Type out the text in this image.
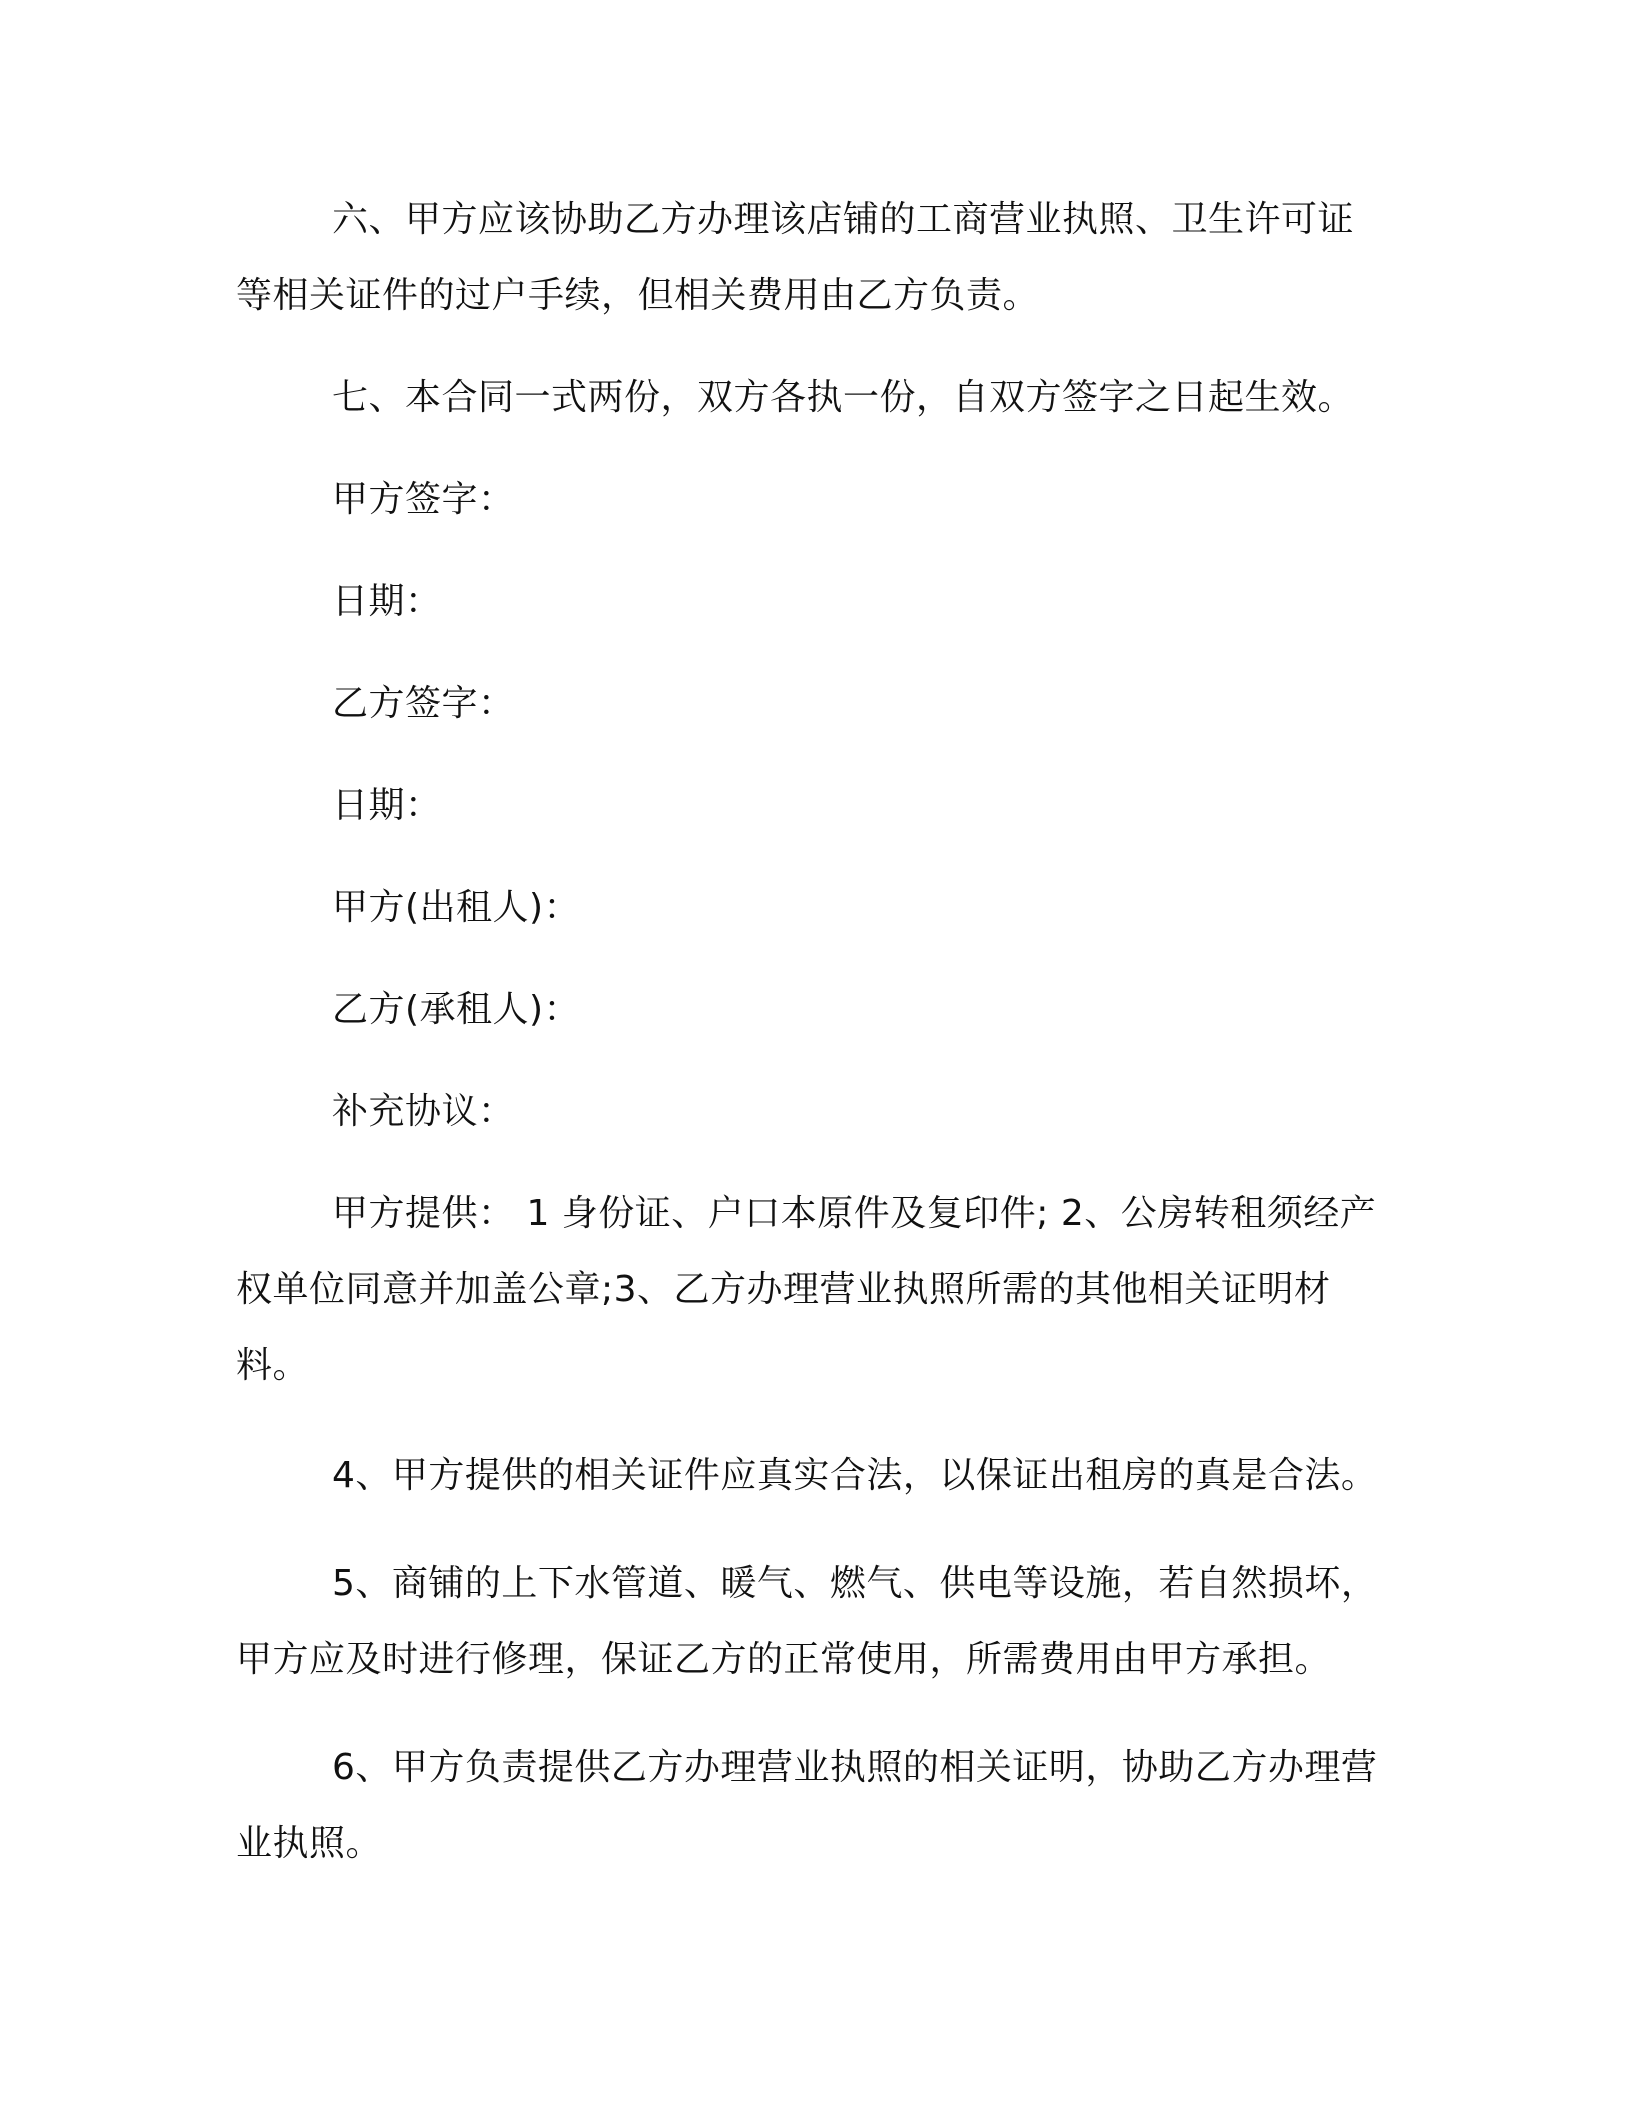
六、甲方应该协助乙方办理该店铺的工商营业执照、卫生许可证等相关证件的过户手续，但相关费用由乙方负责。

七、本合同一式两份，双方各执一份，自双方签字之日起生效。

甲方签字：

日期：

乙方签字：

日期：

甲方(出租人)：

乙方(承租人)：

补充协议：

甲方提供： 1 身份证、户口本原件及复印件; 2、公房转租须经产权单位同意并加盖公章;3、乙方办理营业执照所需的其他相关证明材料。

4、甲方提供的相关证件应真实合法，以保证出租房的真是合法。

5、商铺的上下水管道、暖气、燃气、供电等设施，若自然损坏，甲方应及时进行修理，保证乙方的正常使用，所需费用由甲方承担。

6、甲方负责提供乙方办理营业执照的相关证明，协助乙方办理营业执照。
